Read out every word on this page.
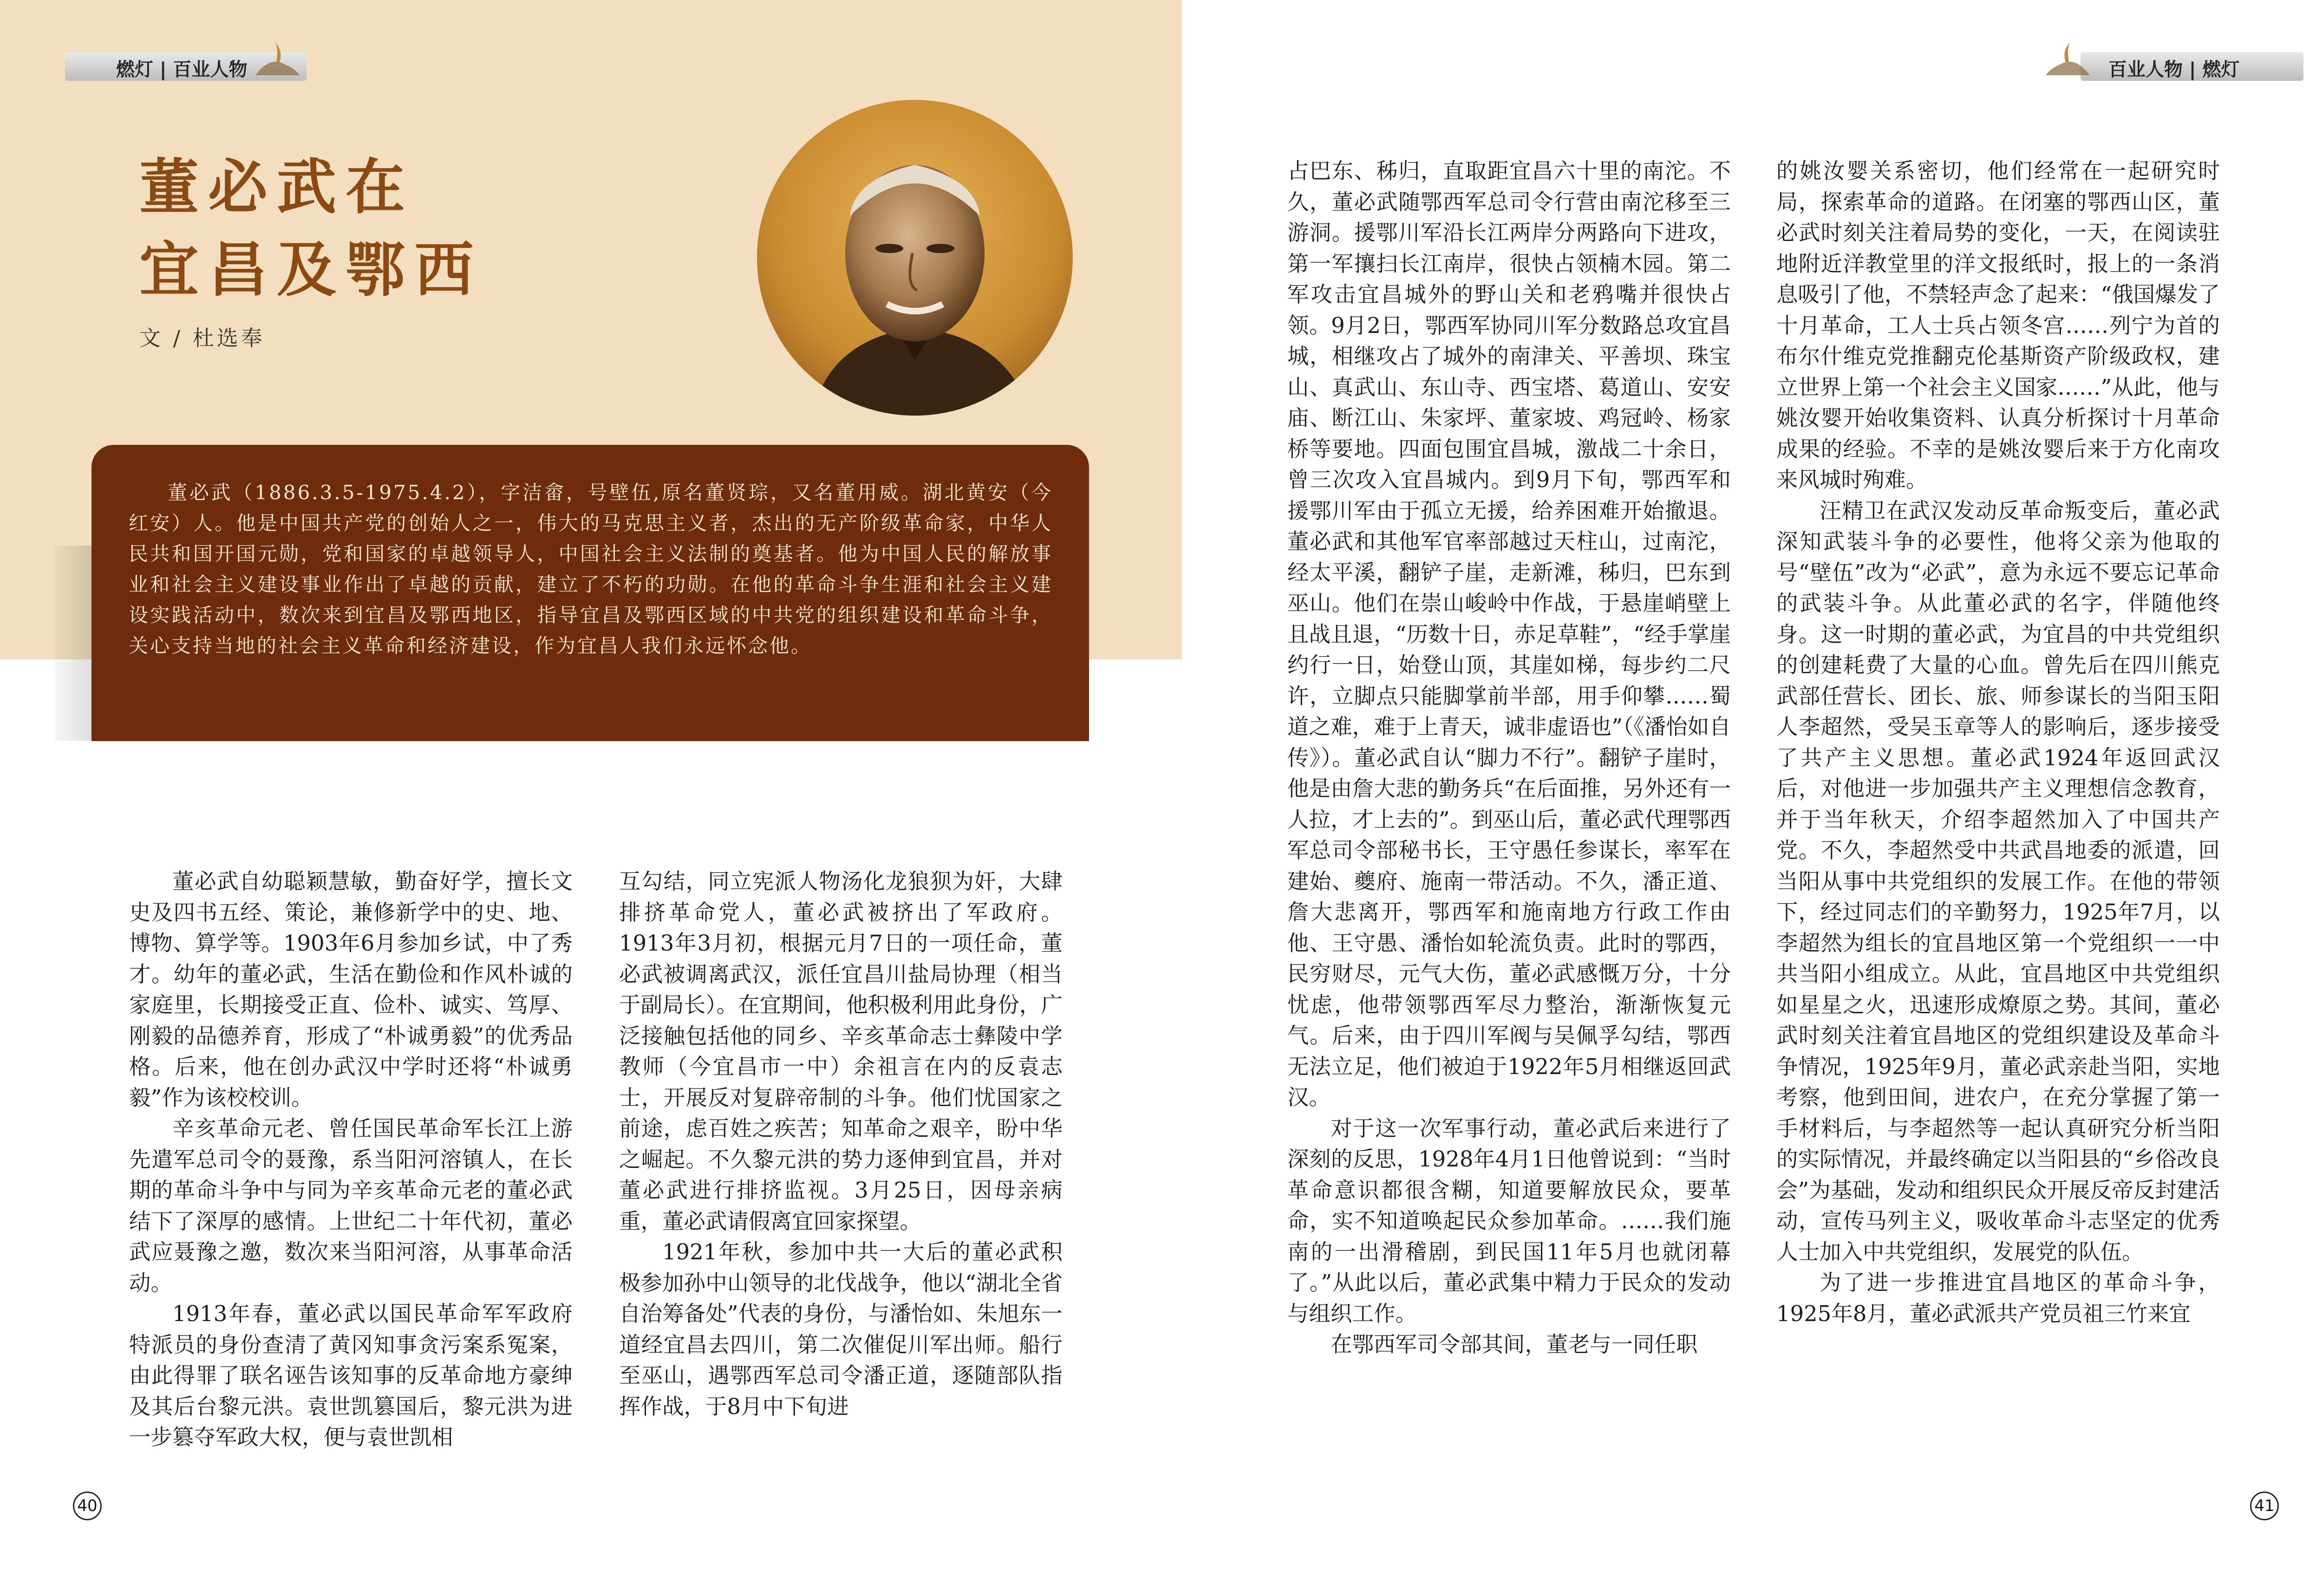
燃灯 | 百业人物
董必武在
宜昌及鄂西
文 / 杜选奉

董必武（1886.3.5-1975.4.2），字洁畲，号壁伍,原名董贤琮，又名董用威。湖北黄安（今红安）人。他是中国共产党的创始人之一，伟大的马克思主义者，杰出的无产阶级革命家，中华人民共和国开国元勋，党和国家的卓越领导人，中国社会主义法制的奠基者。他为中国人民的解放事业和社会主义建设事业作出了卓越的贡献，建立了不朽的功勋。在他的革命斗争生涯和社会主义建设实践活动中，数次来到宜昌及鄂西地区，指导宜昌及鄂西区域的中共党的组织建设和革命斗争，关心支持当地的社会主义革命和经济建设，作为宜昌人我们永远怀念他。

董必武自幼聪颖慧敏，勤奋好学，擅长文史及四书五经、策论，兼修新学中的史、地、博物、算学等。1903年6月参加乡试，中了秀才。幼年的董必武，生活在勤俭和作风朴诚的家庭里，长期接受正直、俭朴、诚实、笃厚、刚毅的品德养育，形成了“朴诚勇毅”的优秀品格。后来，他在创办武汉中学时还将“朴诚勇毅”作为该校校训。

辛亥革命元老、曾任国民革命军长江上游先遣军总司令的聂豫，系当阳河溶镇人，在长期的革命斗争中与同为辛亥革命元老的董必武结下了深厚的感情。上世纪二十年代初，董必武应聂豫之邀，数次来当阳河溶，从事革命活动。

1913年春，董必武以国民革命军军政府特派员的身份查清了黄冈知事贪污案系冤案，由此得罪了联名诬告该知事的反革命地方豪绅及其后台黎元洪。袁世凯篡国后，黎元洪为进一步篡夺军政大权，便与袁世凯相

互勾结，同立宪派人物汤化龙狼狈为奸，大肆排挤革命党人，董必武被挤出了军政府。1913年3月初，根据元月7日的一项任命，董必武被调离武汉，派任宜昌川盐局协理（相当于副局长）。在宜期间，他积极利用此身份，广泛接触包括他的同乡、辛亥革命志士彝陵中学教师（今宜昌市一中）余祖言在内的反袁志士，开展反对复辟帝制的斗争。他们忧国家之前途，虑百姓之疾苦；知革命之艰辛，盼中华之崛起。不久黎元洪的势力逐伸到宜昌，并对董必武进行排挤监视。3月25日，因母亲病重，董必武请假离宜回家探望。

1921年秋，参加中共一大后的董必武积极参加孙中山领导的北伐战争，他以“湖北全省自治筹备处”代表的身份，与潘怡如、朱旭东一道经宜昌去四川，第二次催促川军出师。船行至巫山，遇鄂西军总司令潘正道，逐随部队指挥作战，于8月中下旬进

40
百业人物 | 燃灯

占巴东、秭归，直取距宜昌六十里的南沱。不久，董必武随鄂西军总司令行营由南沱移至三游洞。援鄂川军沿长江两岸分两路向下进攻，第一军攘扫长江南岸，很快占领楠木园。第二军攻击宜昌城外的野山关和老鸦嘴并很快占领。9月2日，鄂西军协同川军分数路总攻宜昌城，相继攻占了城外的南津关、平善坝、珠宝山、真武山、东山寺、西宝塔、葛道山、安安庙、断江山、朱家坪、董家坡、鸡冠岭、杨家桥等要地。四面包围宜昌城，激战二十余日，曾三次攻入宜昌城内。到9月下旬，鄂西军和援鄂川军由于孤立无援，给养困难开始撤退。董必武和其他军官率部越过天柱山，过南沱，经太平溪，翻铲子崖，走新滩，秭归，巴东到巫山。他们在崇山峻岭中作战，于悬崖峭壁上且战且退，“历数十日，赤足草鞋”，“经手掌崖约行一日，始登山顶，其崖如梯，每步约二尺许，立脚点只能脚掌前半部，用手仰攀……蜀道之难，难于上青天，诚非虚语也”（《潘怡如自传》）。董必武自认“脚力不行”。翻铲子崖时，他是由詹大悲的勤务兵“在后面推，另外还有一人拉，才上去的”。到巫山后，董必武代理鄂西军总司令部秘书长，王守愚任参谋长，率军在建始、夔府、施南一带活动。不久，潘正道、詹大悲离开，鄂西军和施南地方行政工作由他、王守愚、潘怡如轮流负责。此时的鄂西，民穷财尽，元气大伤，董必武感慨万分，十分忧虑，他带领鄂西军尽力整治，渐渐恢复元气。后来，由于四川军阀与吴佩孚勾结，鄂西无法立足，他们被迫于1922年5月相继返回武汉。

对于这一次军事行动，董必武后来进行了深刻的反思，1928年4月1日他曾说到：“当时革命意识都很含糊，知道要解放民众，要革命，实不知道唤起民众参加革命。……我们施南的一出滑稽剧，到民国11年5月也就闭幕了。”从此以后，董必武集中精力于民众的发动与组织工作。

在鄂西军司令部其间，董老与一同任职

的姚汝婴关系密切，他们经常在一起研究时局，探索革命的道路。在闭塞的鄂西山区，董必武时刻关注着局势的变化，一天，在阅读驻地附近洋教堂里的洋文报纸时，报上的一条消息吸引了他，不禁轻声念了起来：“俄国爆发了十月革命，工人士兵占领冬宫……列宁为首的布尔什维克党推翻克伦基斯资产阶级政权，建立世界上第一个社会主义国家……”从此，他与姚汝婴开始收集资料、认真分析探讨十月革命成果的经验。不幸的是姚汝婴后来于方化南攻来风城时殉难。

汪精卫在武汉发动反革命叛变后，董必武深知武装斗争的必要性，他将父亲为他取的号“壁伍”改为“必武”，意为永远不要忘记革命的武装斗争。从此董必武的名字，伴随他终身。这一时期的董必武，为宜昌的中共党组织的创建耗费了大量的心血。曾先后在四川熊克武部任营长、团长、旅、师参谋长的当阳玉阳人李超然，受吴玉章等人的影响后，逐步接受了共产主义思想。董必武1924年返回武汉后，对他进一步加强共产主义理想信念教育，并于当年秋天，介绍李超然加入了中国共产党。不久，李超然受中共武昌地委的派遣，回当阳从事中共党组织的发展工作。在他的带领下，经过同志们的辛勤努力，1925年7月，以李超然为组长的宜昌地区第一个党组织一一中共当阳小组成立。从此，宜昌地区中共党组织如星星之火，迅速形成燎原之势。其间，董必武时刻关注着宜昌地区的党组织建设及革命斗争情况，1925年9月，董必武亲赴当阳，实地考察，他到田间，进农户，在充分掌握了第一手材料后，与李超然等一起认真研究分析当阳的实际情况，并最终确定以当阳县的“乡俗改良会”为基础，发动和组织民众开展反帝反封建活动，宣传马列主义，吸收革命斗志坚定的优秀人士加入中共党组织，发展党的队伍。

为了进一步推进宜昌地区的革命斗争，1925年8月，董必武派共产党员祖三竹来宜

41
